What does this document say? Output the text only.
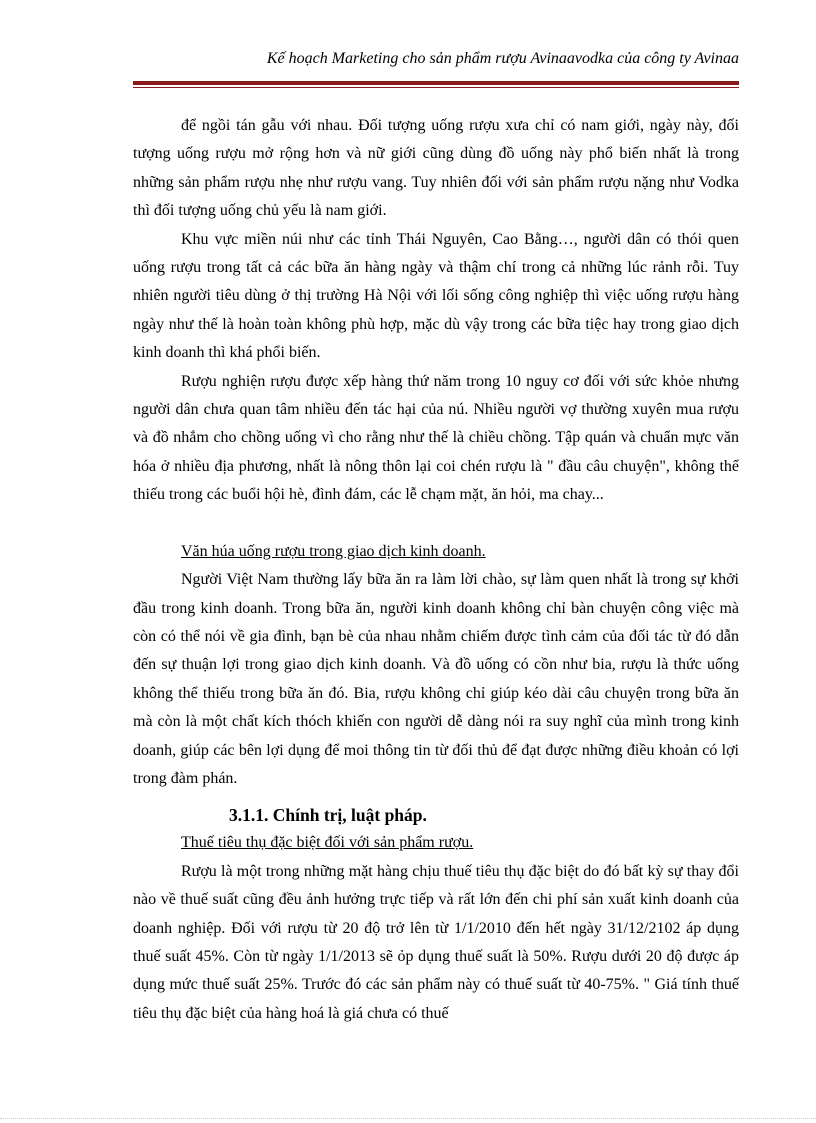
Kế hoạch Marketing cho sản phẩm rượu Avinaavodka của công ty Avinaa

để ngồi tán gẫu với nhau. Đối tượng uống rượu xưa chỉ có nam giới, ngày này, đối tượng uống rượu mở rộng hơn và nữ giới cũng dùng đồ uống này phổ biến nhất là trong những sản phẩm rượu nhẹ như rượu vang. Tuy nhiên đối với sản phẩm rượu nặng như Vodka thì đối tượng uống chủ yếu là nam giới.

Khu vực miền núi như các tỉnh Thái Nguyên, Cao Bằng…, người dân có thói quen uống rượu trong tất cả các bữa ăn hàng ngày và thậm chí trong cả những lúc rảnh rỗi. Tuy nhiên người tiêu dùng ở thị trường Hà Nội với lối sống công nghiệp thì việc uống rượu hàng ngày như thế là hoàn toàn không phù hợp, mặc dù vậy trong các bữa tiệc hay trong giao dịch kinh doanh thì khá phổi biến.

Rượu nghiện rượu được xếp hàng thứ năm trong 10 nguy cơ đối với sức khỏe nhưng người dân chưa quan tâm nhiều đến tác hại của nú. Nhiều người vợ thường xuyên mua rượu và đồ nhắm cho chồng uống vì cho rằng như thế là chiều chồng. Tập quán và chuẩn mực văn hóa ở nhiều địa phương, nhất là nông thôn lại coi chén rượu là " đầu câu chuyện", không thể thiếu trong các buổi hội hè, đình đám, các lễ chạm mặt, ăn hỏi, ma chay...

Văn húa uống rượu trong giao dịch kinh doanh.

Người Việt Nam thường lấy bữa ăn ra làm lời chào, sự làm quen nhất là trong sự khởi đầu trong kinh doanh. Trong bữa ăn, người kinh doanh không chỉ bàn chuyện công việc mà còn có thể nói về gia đình, bạn bè của nhau nhằm chiếm được tình cảm của đối tác từ đó dẫn đến sự thuận lợi trong giao dịch kinh doanh. Và đồ uống có cồn như bia, rượu là thức uống không thể thiếu trong bữa ăn đó. Bia, rượu không chỉ giúp kéo dài câu chuyện trong bữa ăn mà còn là một chất kích thóch khiến con người dễ dàng nói ra suy nghĩ của mình trong kinh doanh, giúp các bên lợi dụng để moi thông tin từ đối thủ để đạt được những điều khoản có lợi trong đàm phán.

3.1.1. Chính trị, luật pháp.

Thuế tiêu thụ đặc biệt đối với sản phẩm rượu.

Rượu là một trong những mặt hàng chịu thuế tiêu thụ đặc biệt do đó bất kỳ sự thay đổi nào về thuế suất cũng đều ảnh hưởng trực tiếp và rất lớn đến chi phí sản xuất kinh doanh của doanh nghiệp. Đối với rượu từ 20 độ trở lên từ 1/1/2010 đến hết ngày 31/12/2102 áp dụng thuế suất 45%. Còn từ ngày 1/1/2013 sẽ ỏp dụng thuế suất là 50%. Rượu dưới 20 độ được áp dụng mức thuế suất 25%. Trước đó các sản phẩm này có thuế suất từ 40-75%. " Giá tính thuế tiêu thụ đặc biệt của hàng hoá là giá chưa có thuế
